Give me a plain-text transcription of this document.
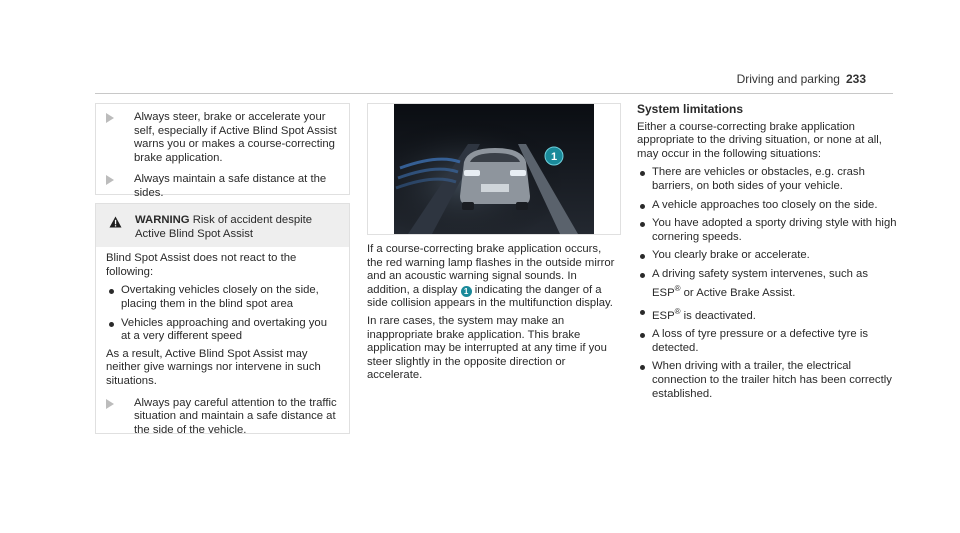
Driving and parking 233
Always steer, brake or accelerate your self, especially if Active Blind Spot Assist warns you or makes a course-correcting brake application.
Always maintain a safe distance at the sides.
WARNING Risk of accident despite
Active Blind Spot Assist
Blind Spot Assist does not react to the following:
Overtaking vehicles closely on the side, placing them in the blind spot area
Vehicles approaching and overtaking you at a very different speed
As a result, Active Blind Spot Assist may neither give warnings nor intervene in such situations.
Always pay careful attention to the traffic situation and maintain a safe distance at the side of the vehicle.
1
If a course-correcting brake application occurs, the red warning lamp flashes in the outside mirror and an acoustic warning signal sounds. In addition, a display 1 indicating the danger of a side collision appears in the multifunction display.
In rare cases, the system may make an inappropriate brake application. This brake application may be interrupted at any time if you steer slightly in the opposite direction or accelerate.
System limitations
Either a course-correcting brake application appropriate to the driving situation, or none at all, may occur in the following situations:
There are vehicles or obstacles, e.g. crash barriers, on both sides of your vehicle.
A vehicle approaches too closely on the side.
You have adopted a sporty driving style with high cornering speeds.
You clearly brake or accelerate.
A driving safety system intervenes, such as ESP® or Active Brake Assist.
ESP® is deactivated.
A loss of tyre pressure or a defective tyre is detected.
When driving with a trailer, the electrical connection to the trailer hitch has been correctly established.
